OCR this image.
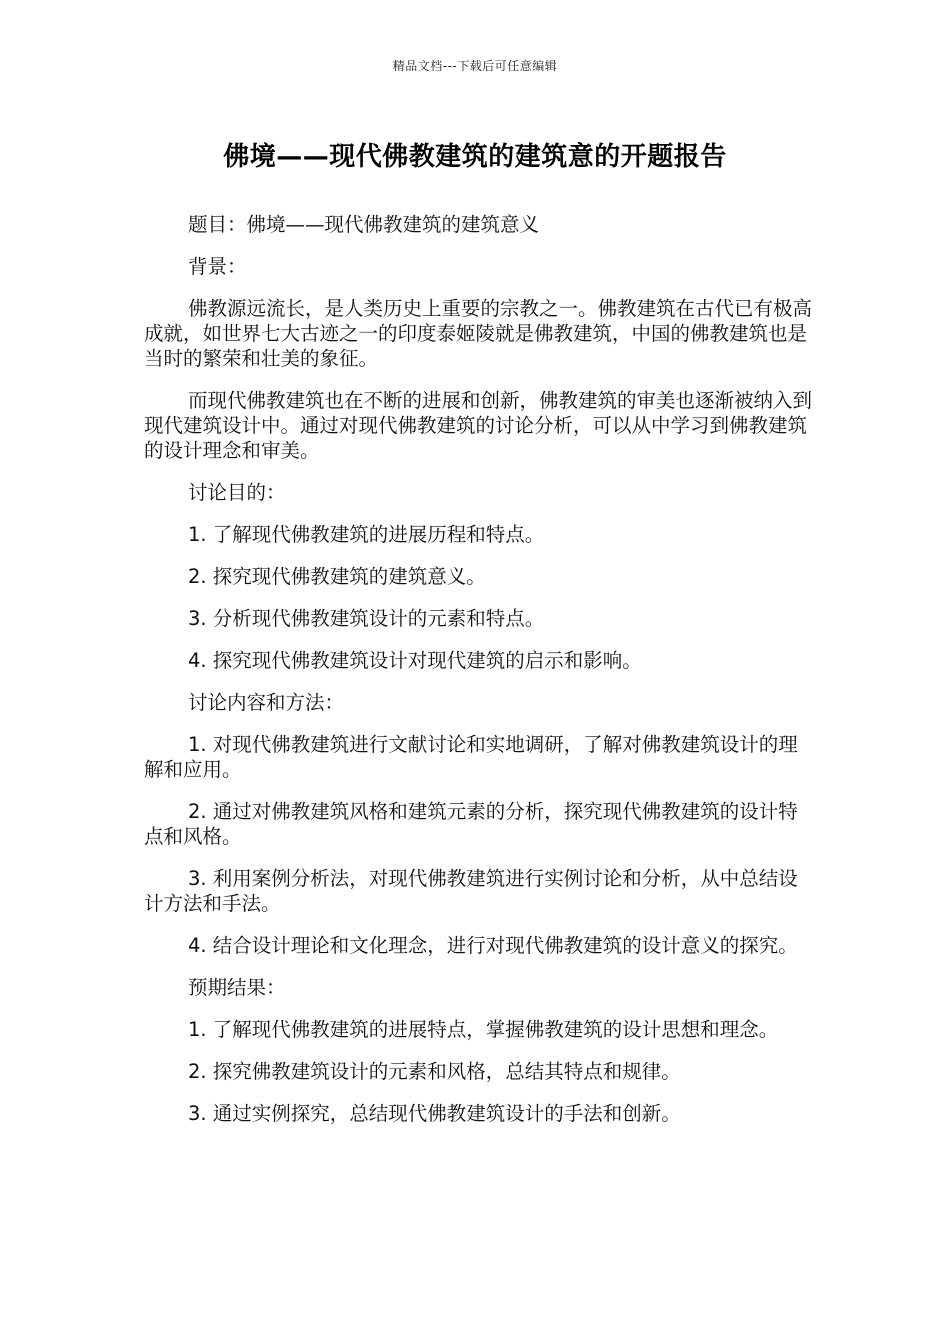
精品文档---下载后可任意编辑
佛境——现代佛教建筑的建筑意的开题报告

题目：佛境——现代佛教建筑的建筑意义

背景：

佛教源远流长，是人类历史上重要的宗教之一。佛教建筑在古代已有极高成就，如世界七大古迹之一的印度泰姬陵就是佛教建筑，中国的佛教建筑也是当时的繁荣和壮美的象征。

而现代佛教建筑也在不断的进展和创新，佛教建筑的审美也逐渐被纳入到现代建筑设计中。通过对现代佛教建筑的讨论分析，可以从中学习到佛教建筑的设计理念和审美。

讨论目的：

1. 了解现代佛教建筑的进展历程和特点。

2. 探究现代佛教建筑的建筑意义。

3. 分析现代佛教建筑设计的元素和特点。

4. 探究现代佛教建筑设计对现代建筑的启示和影响。

讨论内容和方法：

1. 对现代佛教建筑进行文献讨论和实地调研，了解对佛教建筑设计的理解和应用。

2. 通过对佛教建筑风格和建筑元素的分析，探究现代佛教建筑的设计特点和风格。

3. 利用案例分析法，对现代佛教建筑进行实例讨论和分析，从中总结设计方法和手法。

4. 结合设计理论和文化理念，进行对现代佛教建筑的设计意义的探究。

预期结果：

1. 了解现代佛教建筑的进展特点，掌握佛教建筑的设计思想和理念。

2. 探究佛教建筑设计的元素和风格，总结其特点和规律。

3. 通过实例探究，总结现代佛教建筑设计的手法和创新。
